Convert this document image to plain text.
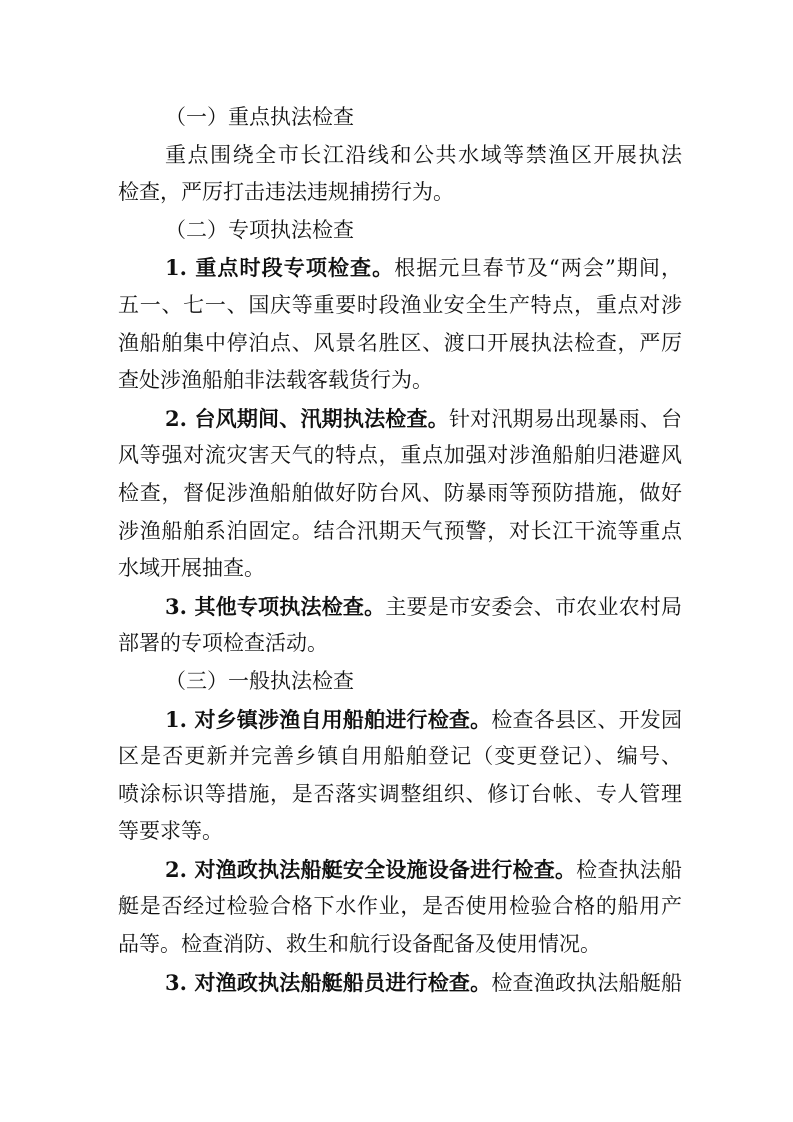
（一）重点执法检查
重点围绕全市长江沿线和公共水域等禁渔区开展执法
检查，严厉打击违法违规捕捞行为。
（二）专项执法检查
1. 重点时段专项检查。根据元旦春节及“两会”期间，
五一、七一、国庆等重要时段渔业安全生产特点，重点对涉
渔船舶集中停泊点、风景名胜区、渡口开展执法检查，严厉
查处涉渔船舶非法载客载货行为。
2. 台风期间、汛期执法检查。针对汛期易出现暴雨、台
风等强对流灾害天气的特点，重点加强对涉渔船舶归港避风
检查，督促涉渔船舶做好防台风、防暴雨等预防措施，做好
涉渔船舶系泊固定。结合汛期天气预警，对长江干流等重点
水域开展抽查。
3. 其他专项执法检查。主要是市安委会、市农业农村局
部署的专项检查活动。
（三）一般执法检查
1. 对乡镇涉渔自用船舶进行检查。检查各县区、开发园
区是否更新并完善乡镇自用船舶登记（变更登记）、编号、
喷涂标识等措施，是否落实调整组织、修订台帐、专人管理
等要求等。
2. 对渔政执法船艇安全设施设备进行检查。检查执法船
艇是否经过检验合格下水作业，是否使用检验合格的船用产
品等。检查消防、救生和航行设备配备及使用情况。
3. 对渔政执法船艇船员进行检查。检查渔政执法船艇船
